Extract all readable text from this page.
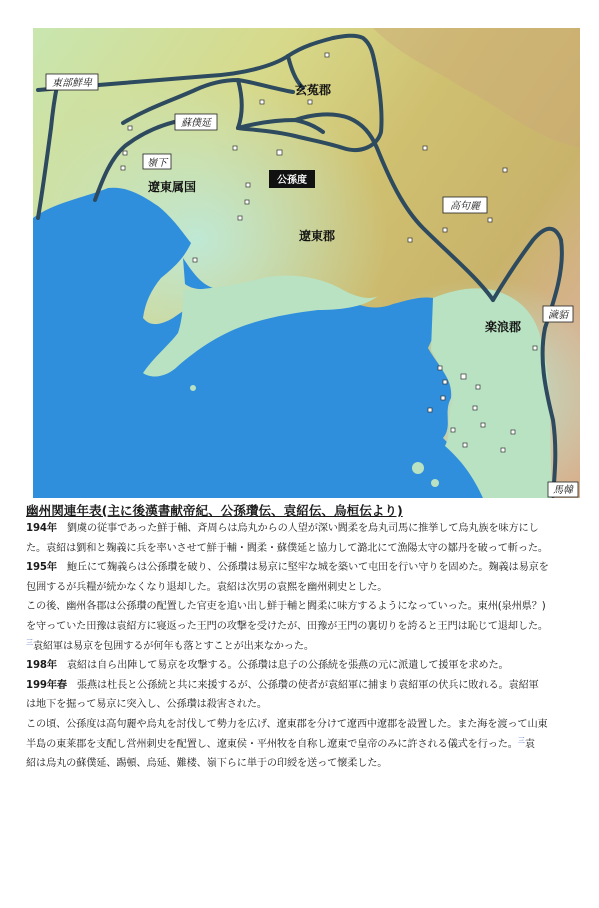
東部鮮卑	玄菟郡
蘇僕延
嶺下
遼東属国	公孫度
遼東郡
高句麗
楽浪郡
濊貊
馬韓
幽州関連年表(主に後漢書献帝紀、公孫瓚伝、袁紹伝、烏桓伝より)
194年　劉虞の従事であった鮮于輔、斉周らは烏丸からの人望が深い閻柔を烏丸司馬に推挙して烏丸族を味方にし
た。袁紹は劉和と麹義に兵を率いさせて鮮于輔・閻柔・蘇僕延と協力して潞北にて漁陽太守の鄒丹を破って斬った。
195年　鮑丘にて麹義らは公孫瓚を破り、公孫瓚は易京に堅牢な城を築いて屯田を行い守りを固めた。麹義は易京を
包囲するが兵糧が続かなくなり退却した。袁紹は次男の袁熙を幽州刺史とした。
この後、幽州各郡は公孫瓚の配置した官吏を追い出し鮮于輔と閻柔に味方するようになっていった。東州(泉州県？)
を守っていた田豫は袁紹方に寝返った王門の攻撃を受けたが、田豫が王門の裏切りを誇ると王門は恥じて退却した。
$^三$袁紹軍は易京を包囲するが何年も落とすことが出来なかった。
198年　袁紹は自ら出陣して易京を攻撃する。公孫瓚は息子の公孫続を張燕の元に派遣して援軍を求めた。
199年春　張燕は杜長と公孫続と共に来援するが、公孫瓚の使者が袁紹軍に捕まり袁紹軍の伏兵に敗れる。袁紹軍
は地下を掘って易京に突入し、公孫瓚は殺害された。
この頃、公孫度は高句麗や烏丸を討伐して勢力を広げ、遼東郡を分けて遼西中遼郡を設置した。また海を渡って山東
半島の東莱郡を支配し営州刺史を配置し、遼東侯・平州牧を自称し遼東で皇帝のみに許される儀式を行った。$^三$袁
紹は烏丸の蘇僕延、踢頓、烏延、難楼、嶺下らに単于の印綬を送って懐柔した。
